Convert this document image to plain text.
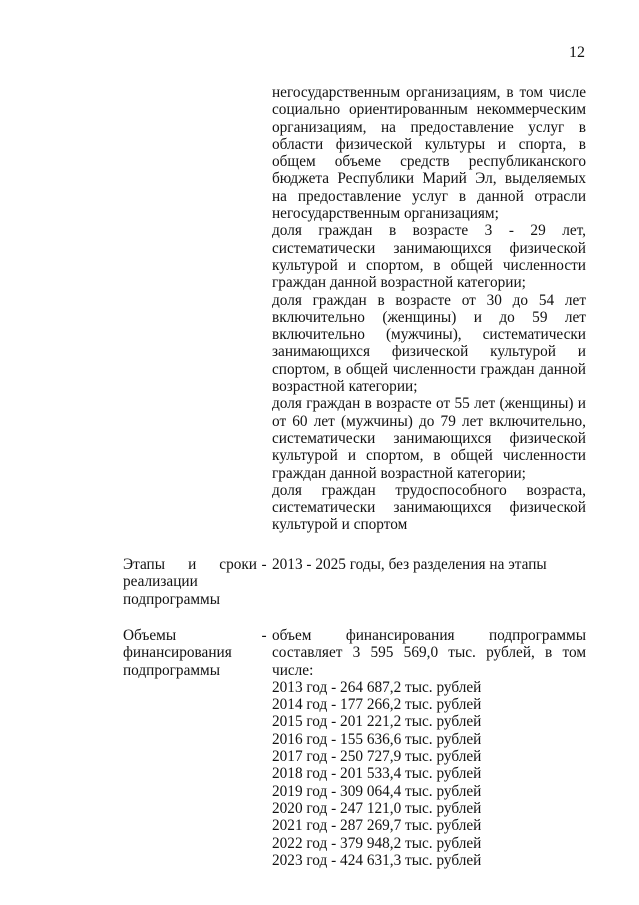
12

негосударственным организациям, в том числе социально ориентированным некоммерческим организациям, на предоставление услуг в области физической культуры и спорта, в общем объеме средств республиканского бюджета Республики Марий Эл, выделяемых на предоставление услуг в данной отрасли негосударственным организациям;

доля граждан в возрасте 3 - 29 лет, систематически занимающихся физической культурой и спортом, в общей численности граждан данной возрастной категории;

доля граждан в возрасте от 30 до 54 лет включительно (женщины) и до 59 лет включительно (мужчины), систематически занимающихся физической культурой и спортом, в общей численности граждан данной возрастной категории;

доля граждан в возрасте от 55 лет (женщины) и от 60 лет (мужчины) до 79 лет включительно, систематически занимающихся физической культурой и спортом, в общей численности граждан данной возрастной категории;

доля граждан трудоспособного возраста, систематически занимающихся физической культурой и спортом

Этапы и сроки реализации подпрограммы
- 2013 - 2025 годы, без разделения на этапы
Объемы финансирования подпрограммы
- объем финансирования подпрограммы составляет 3 595 569,0 тыс. рублей, в том числе:

2013 год - 264 687,2 тыс. рублей
2014 год - 177 266,2 тыс. рублей
2015 год - 201 221,2 тыс. рублей
2016 год - 155 636,6 тыс. рублей
2017 год - 250 727,9 тыс. рублей
2018 год - 201 533,4 тыс. рублей
2019 год - 309 064,4 тыс. рублей
2020 год - 247 121,0 тыс. рублей
2021 год - 287 269,7 тыс. рублей
2022 год - 379 948,2 тыс. рублей
2023 год - 424 631,3 тыс. рублей
